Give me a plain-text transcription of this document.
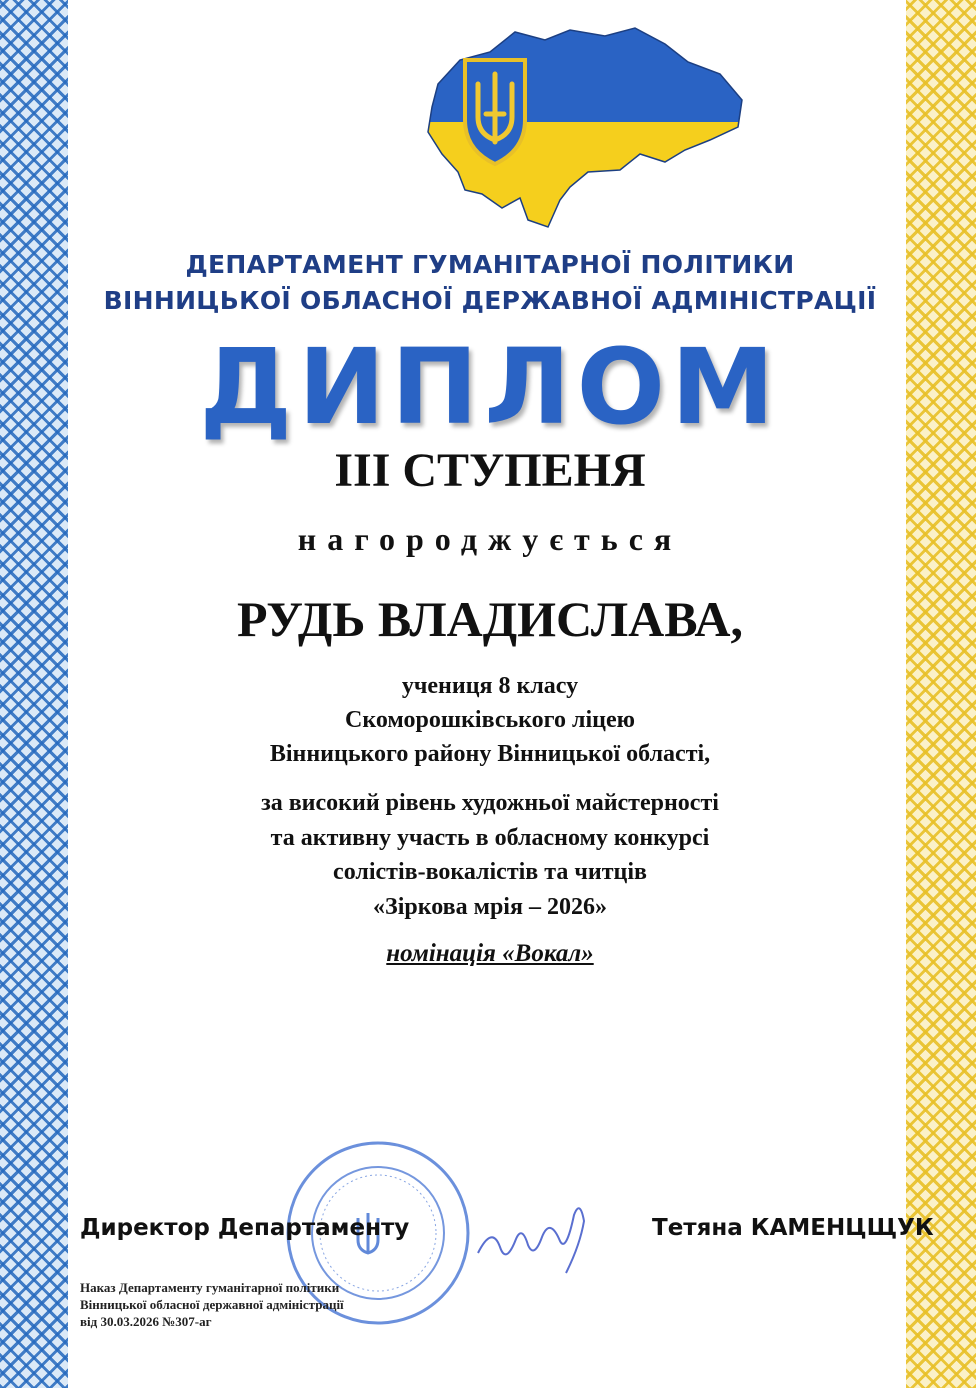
ДЕПАРТАМЕНТ ГУМАНІТАРНОЇ ПОЛІТИКИ
ВІННИЦЬКОЇ ОБЛАСНОЇ ДЕРЖАВНОЇ АДМІНІСТРАЦІЇ
ДИПЛОМ
ІІІ СТУПЕНЯ
нагороджується
РУДЬ ВЛАДИСЛАВА,
учениця 8 класу
Скоморошківського ліцею
Вінницького району Вінницької області,
за високий рівень художньої майстерності
та активну участь в обласному конкурсі
солістів-вокалістів та читців
«Зіркова мрія – 2026»
номінація «Вокал»
Директор Департаменту	Тетяна КАМЕНЦЩУК
Наказ Департаменту гуманітарної політики
Вінницької обласної державної адміністрації
від 30.03.2026 №307-аг
